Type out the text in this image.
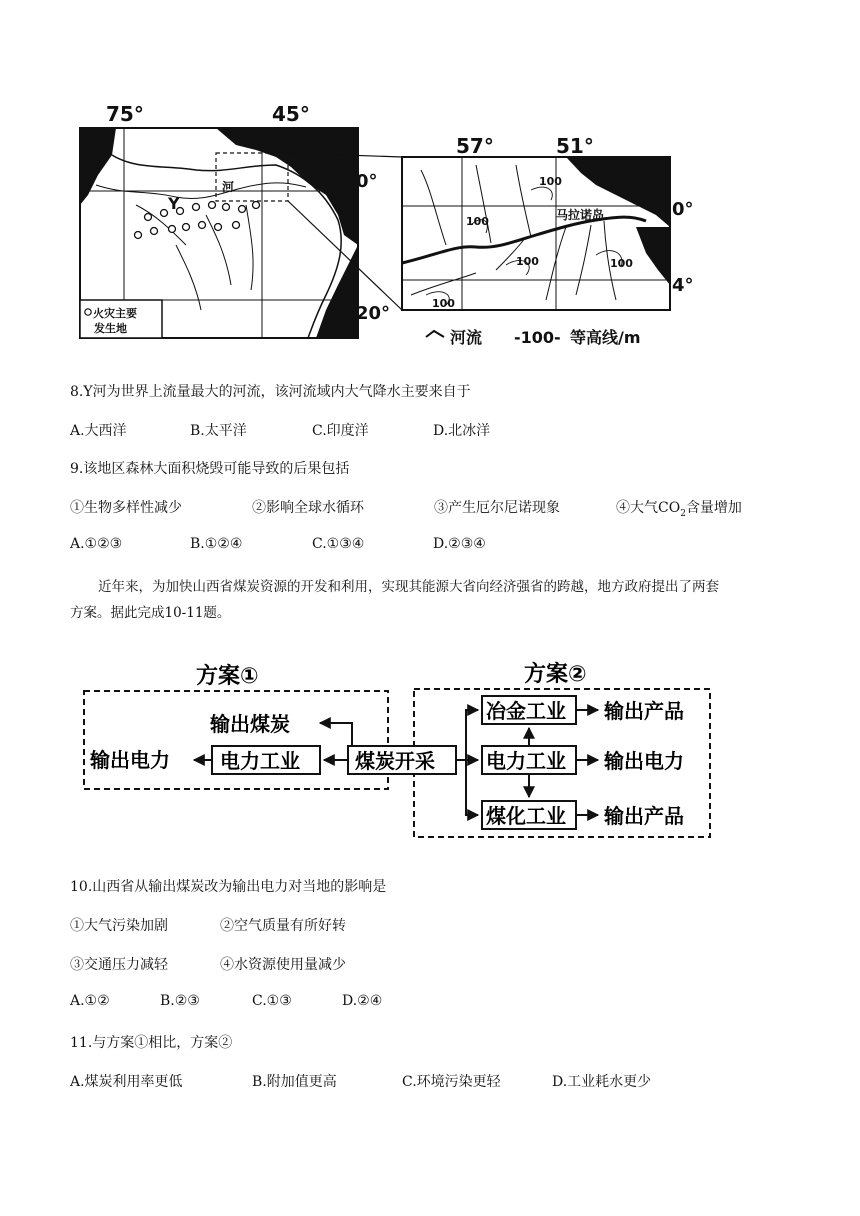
火灾主要
发生地
75°	45°
Y
河	0°
20°
100
100
100	100
100
马拉诺岛
57°	51°
0°
4°
河流 -100- 等高线/m
8.Y河为世界上流量最大的河流，该河流域内大气降水主要来自于
A.大西洋	B.太平洋	C.印度洋	D.北冰洋
9.该地区森林大面积烧毁可能导致的后果包括
①生物多样性减少	②影响全球水循环	③产生厄尔尼诺现象	④大气$CO_2$含量增加
A.①②③	B.①②④	C.①③④	D.②③④
近年来，为加快山西省煤炭资源的开发和利用，实现其能源大省向经济强省的跨越，地方政府提出了两套
方案。据此完成10-11题。
方案①	方案②
输出煤炭
输出电力	电力工业	煤炭开采
冶金工业
电力工业
煤化工业
输出产品
输出电力
输出产品
10.山西省从输出煤炭改为输出电力对当地的影响是
①大气污染加剧	②空气质量有所好转
③交通压力减轻	④水资源使用量减少
A.①②	B.②③	C.①③	D.②④
11.与方案①相比，方案②
A.煤炭利用率更低	B.附加值更高	C.环境污染更轻	D.工业耗水更少
